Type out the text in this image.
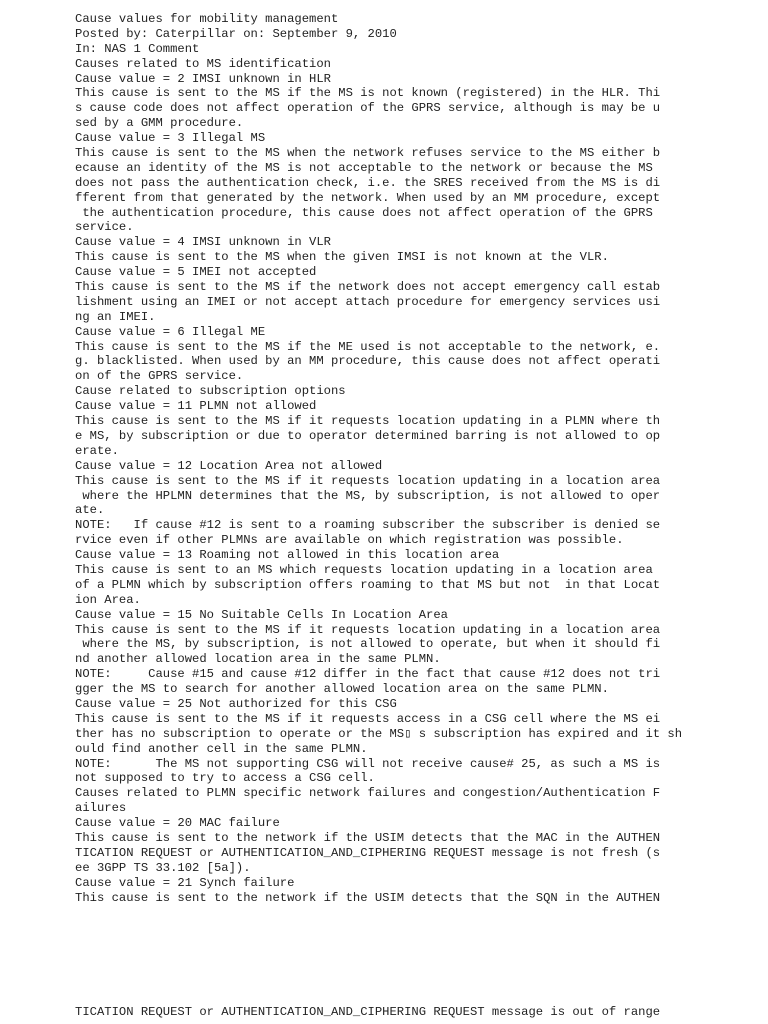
Cause values for mobility management
Posted by: Caterpillar on: September 9, 2010
In: NAS 1 Comment
Causes related to MS identification
Cause value = 2 IMSI unknown in HLR
This cause is sent to the MS if the MS is not known (registered) in the HLR. Thi
s cause code does not affect operation of the GPRS service, although is may be u
sed by a GMM procedure.
Cause value = 3 Illegal MS
This cause is sent to the MS when the network refuses service to the MS either b
ecause an identity of the MS is not acceptable to the network or because the MS
does not pass the authentication check, i.e. the SRES received from the MS is di
fferent from that generated by the network. When used by an MM procedure, except
the authentication procedure, this cause does not affect operation of the GPRS
service.
Cause value = 4 IMSI unknown in VLR
This cause is sent to the MS when the given IMSI is not known at the VLR.
Cause value = 5 IMEI not accepted
This cause is sent to the MS if the network does not accept emergency call estab
lishment using an IMEI or not accept attach procedure for emergency services usi
ng an IMEI.
Cause value = 6 Illegal ME
This cause is sent to the MS if the ME used is not acceptable to the network, e.
g. blacklisted. When used by an MM procedure, this cause does not affect operati
on of the GPRS service.
Cause related to subscription options
Cause value = 11 PLMN not allowed
This cause is sent to the MS if it requests location updating in a PLMN where th
e MS, by subscription or due to operator determined barring is not allowed to op
erate.
Cause value = 12 Location Area not allowed
This cause is sent to the MS if it requests location updating in a location area
where the HPLMN determines that the MS, by subscription, is not allowed to oper
ate.
NOTE:   If cause #12 is sent to a roaming subscriber the subscriber is denied se
rvice even if other PLMNs are available on which registration was possible.
Cause value = 13 Roaming not allowed in this location area
This cause is sent to an MS which requests location updating in a location area
of a PLMN which by subscription offers roaming to that MS but not  in that Locat
ion Area.
Cause value = 15 No Suitable Cells In Location Area
This cause is sent to the MS if it requests location updating in a location area
where the MS, by subscription, is not allowed to operate, but when it should fi
nd another allowed location area in the same PLMN.
NOTE:     Cause #15 and cause #12 differ in the fact that cause #12 does not tri
gger the MS to search for another allowed location area on the same PLMN.
Cause value = 25 Not authorized for this CSG
This cause is sent to the MS if it requests access in a CSG cell where the MS ei
ther has no subscription to operate or the MS▯ s subscription has expired and it sh
ould find another cell in the same PLMN.
NOTE:      The MS not supporting CSG will not receive cause# 25, as such a MS is
not supposed to try to access a CSG cell.
Causes related to PLMN specific network failures and congestion/Authentication F
ailures
Cause value = 20 MAC failure
This cause is sent to the network if the USIM detects that the MAC in the AUTHEN
TICATION REQUEST or AUTHENTICATION_AND_CIPHERING REQUEST message is not fresh (s
ee 3GPP TS 33.102 [5a]).
Cause value = 21 Synch failure
This cause is sent to the network if the USIM detects that the SQN in the AUTHEN
TICATION REQUEST or AUTHENTICATION_AND_CIPHERING REQUEST message is out of range
